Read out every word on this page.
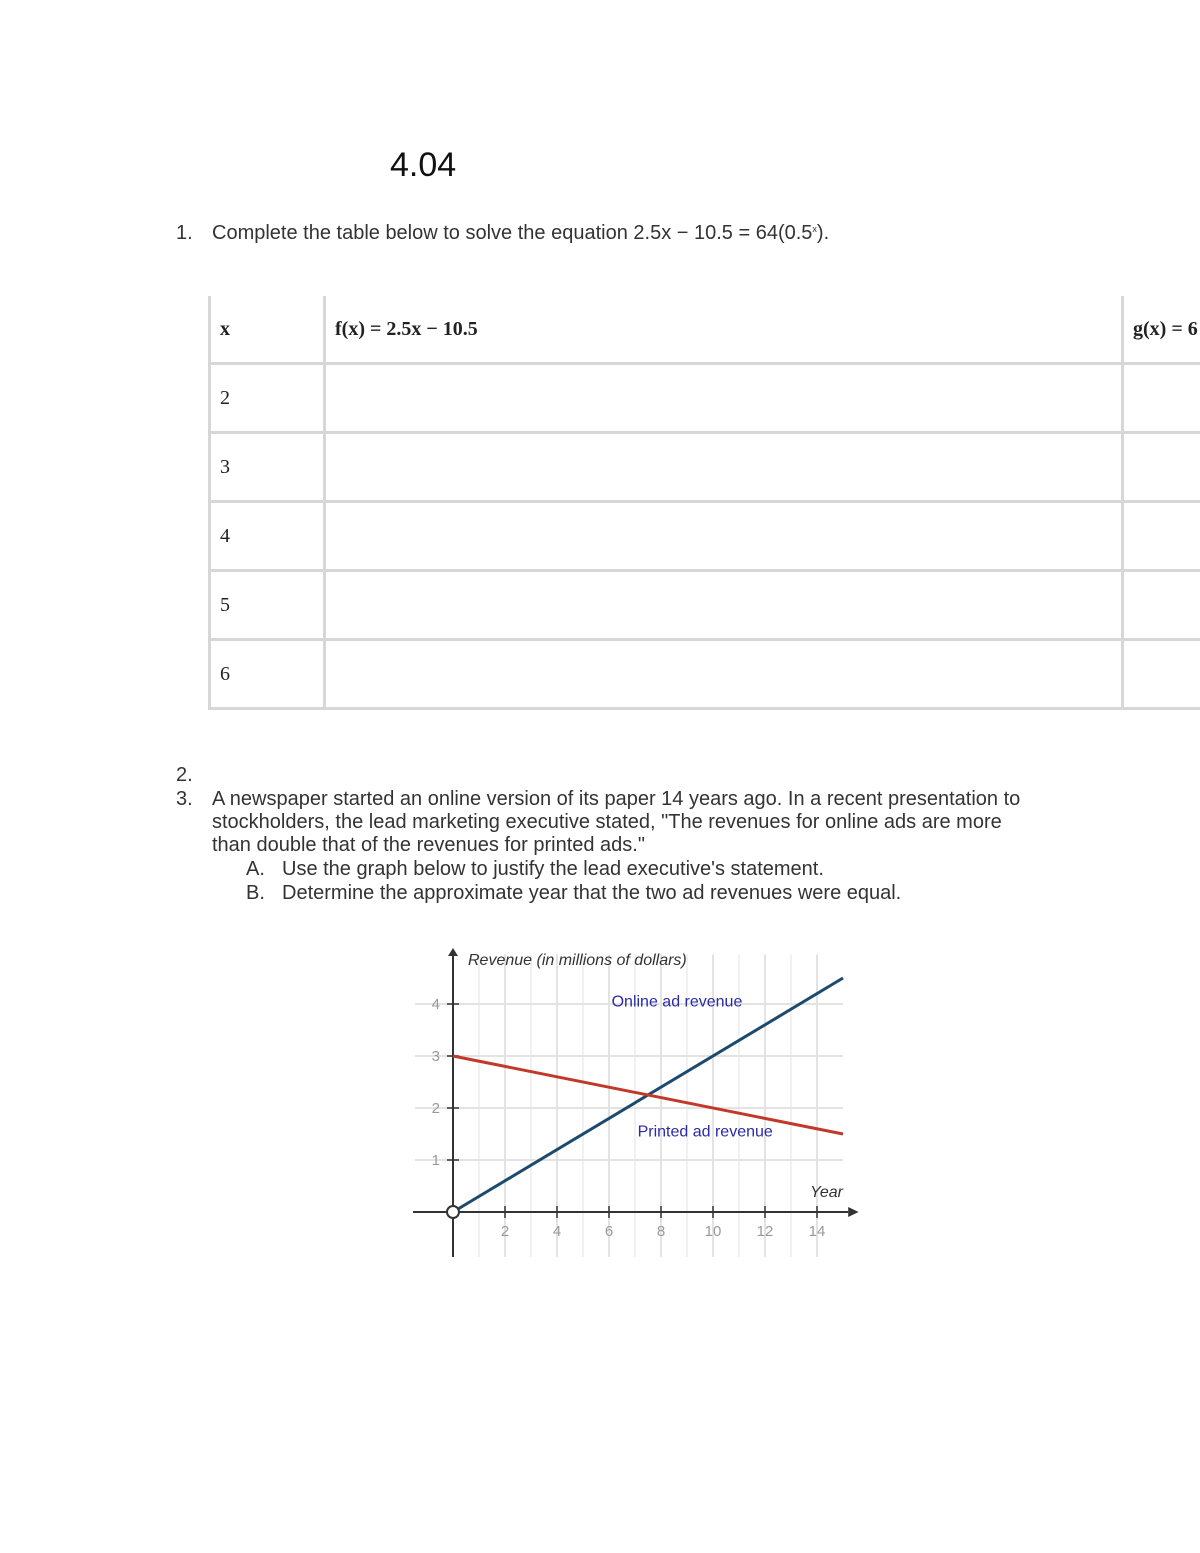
4.04
1. Complete the table below to solve the equation $2.5x - 10.5 = 64(0.5^x)$.
x	f(x) = 2.5x − 10.5	g(x) = 6
2		
3		
4		
5		
6		
2.
3. A newspaper started an online version of its paper 14 years ago. In a recent presentation to
stockholders, the lead marketing executive stated, "The revenues for online ads are more
than double that of the revenues for printed ads."
A. Use the graph below to justify the lead executive's statement.
B. Determine the approximate year that the two ad revenues were equal.
2	4	6	8	10 12 14
1
2
3
4
Revenue (in millions of dollars)
Year
Online ad revenue
Printed ad revenue
